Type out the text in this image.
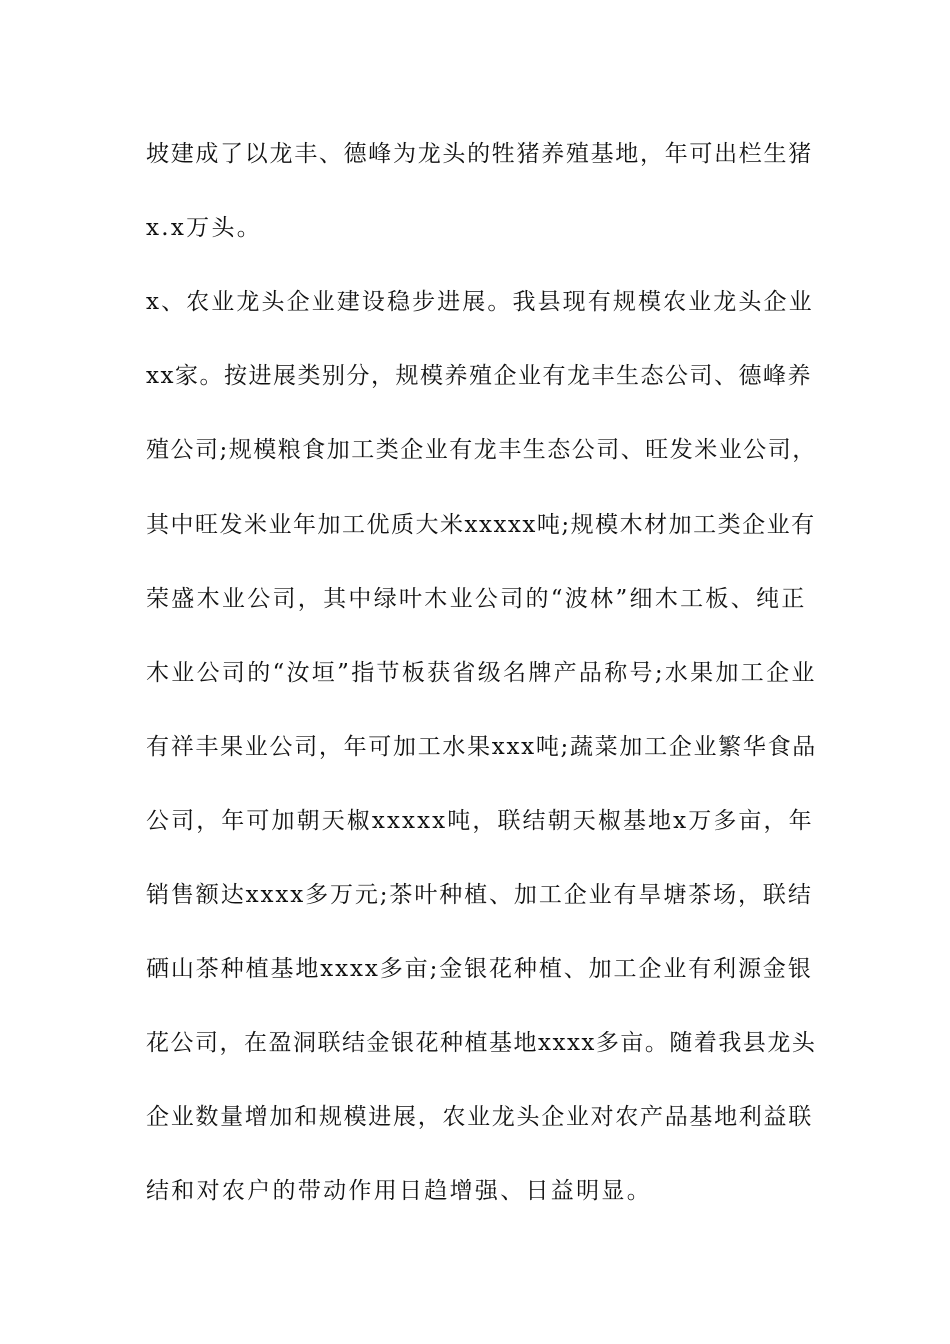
坡建成了以龙丰、德峰为龙头的牲猪养殖基地，年可出栏生猪
x.x万头。
x、农业龙头企业建设稳步进展。我县现有规模农业龙头企业
xx家。按进展类别分，规模养殖企业有龙丰生态公司、德峰养
殖公司;规模粮食加工类企业有龙丰生态公司、旺发米业公司，
其中旺发米业年加工优质大米xxxxx吨;规模木材加工类企业有
荣盛木业公司，其中绿叶木业公司的“波林”细木工板、纯正
木业公司的“汝垣”指节板获省级名牌产品称号;水果加工企业
有祥丰果业公司，年可加工水果xxx吨;蔬菜加工企业繁华食品
公司，年可加朝天椒xxxxx吨，联结朝天椒基地x万多亩，年
销售额达xxxx多万元;茶叶种植、加工企业有旱塘茶场，联结
硒山茶种植基地xxxx多亩;金银花种植、加工企业有利源金银
花公司，在盈洞联结金银花种植基地xxxx多亩。随着我县龙头
企业数量增加和规模进展，农业龙头企业对农产品基地利益联
结和对农户的带动作用日趋增强、日益明显。
